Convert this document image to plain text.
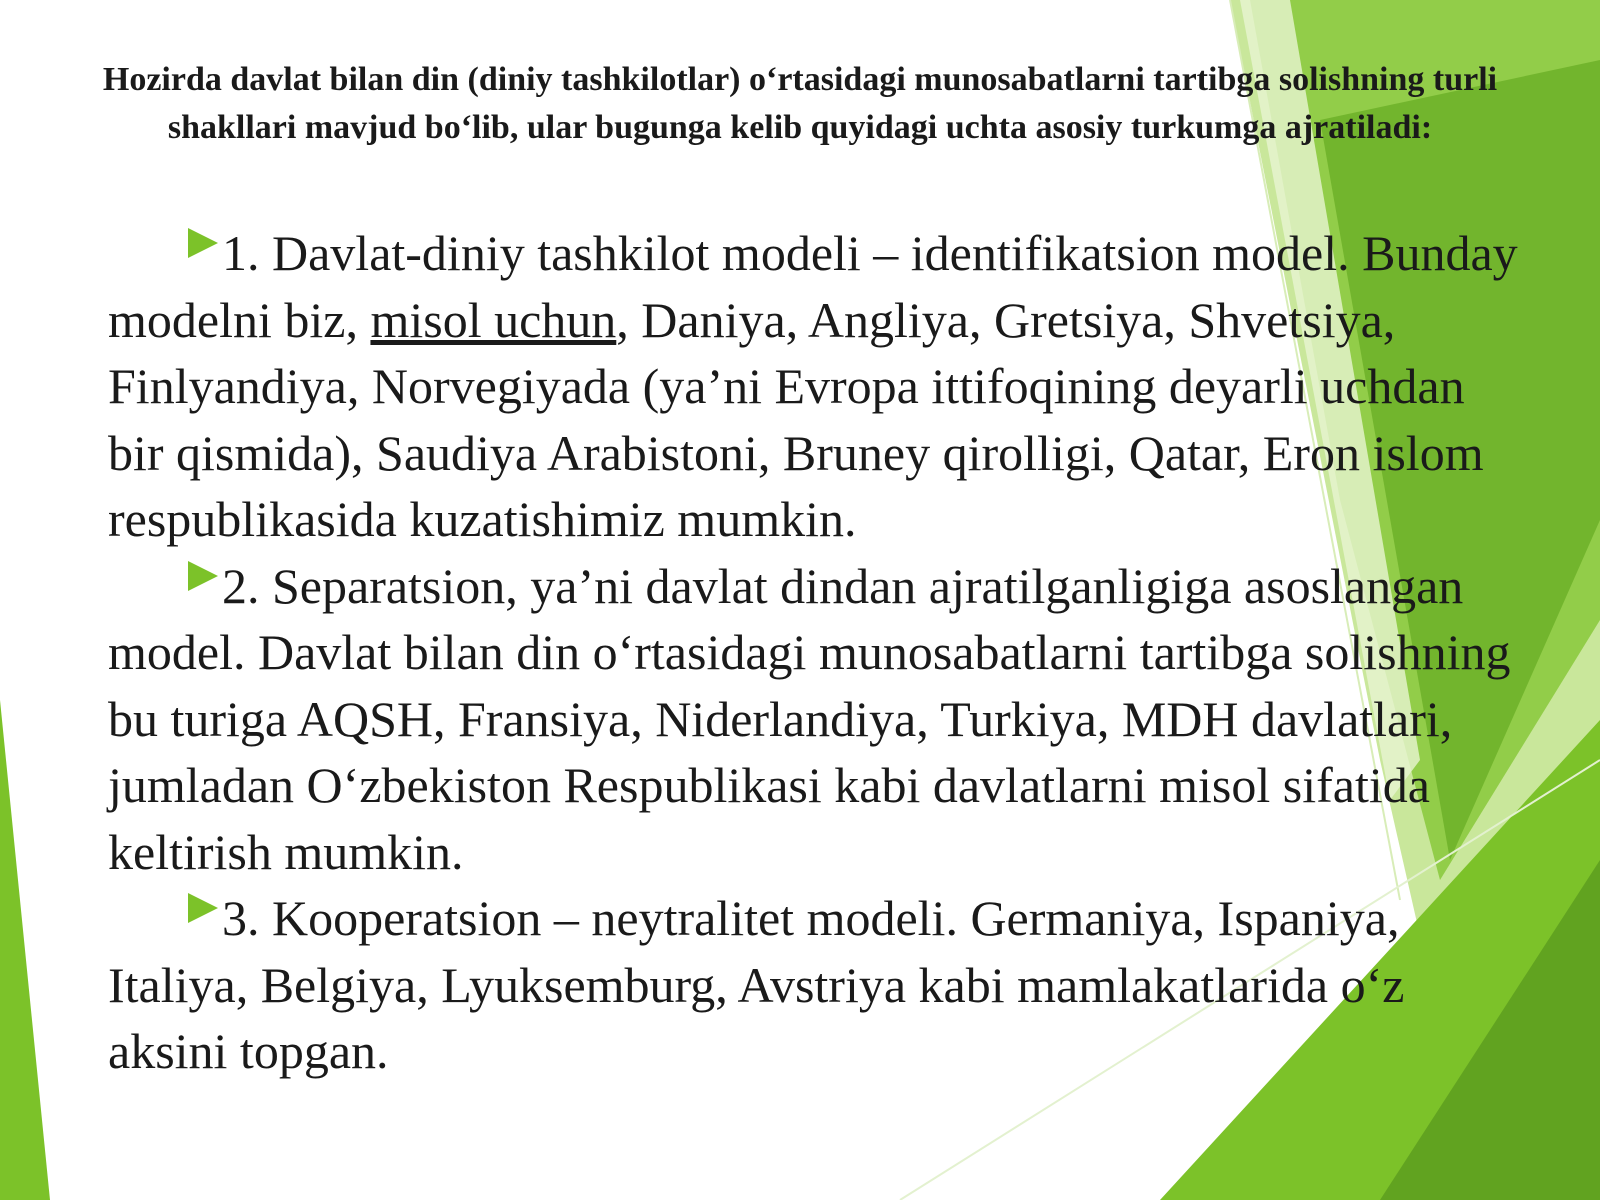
Hozirda davlat bilan din (diniy tashkilotlar) o‘rtasidagi munosabatlarni tartibga solishning turli shakllari mavjud bo‘lib, ular bugunga kelib quyidagi uchta asosiy turkumga ajratiladi:

1. Davlat-diniy tashkilot modeli – identifikatsion model. Bunday modelni biz, misol uchun, Daniya, Angliya, Gretsiya, Shvetsiya, Finlyandiya, Norvegiyada (ya’ni Evropa ittifoqining deyarli uchdan bir qismida), Saudiya Arabistoni, Bruney qirolligi, Qatar, Eron islom respublikasida kuzatishimiz mumkin.

2. Separatsion, ya’ni davlat dindan ajratilganligiga asoslangan model. Davlat bilan din o‘rtasidagi munosabatlarni tartibga solishning bu turiga AQSH, Fransiya, Niderlandiya, Turkiya, MDH davlatlari, jumladan O‘zbekiston Respublikasi kabi davlatlarni misol sifatida keltirish mumkin.

3. Kooperatsion – neytralitet modeli. Germaniya, Ispaniya, Italiya, Belgiya, Lyuksemburg, Avstriya kabi mamlakatlarida o‘z aksini topgan.
